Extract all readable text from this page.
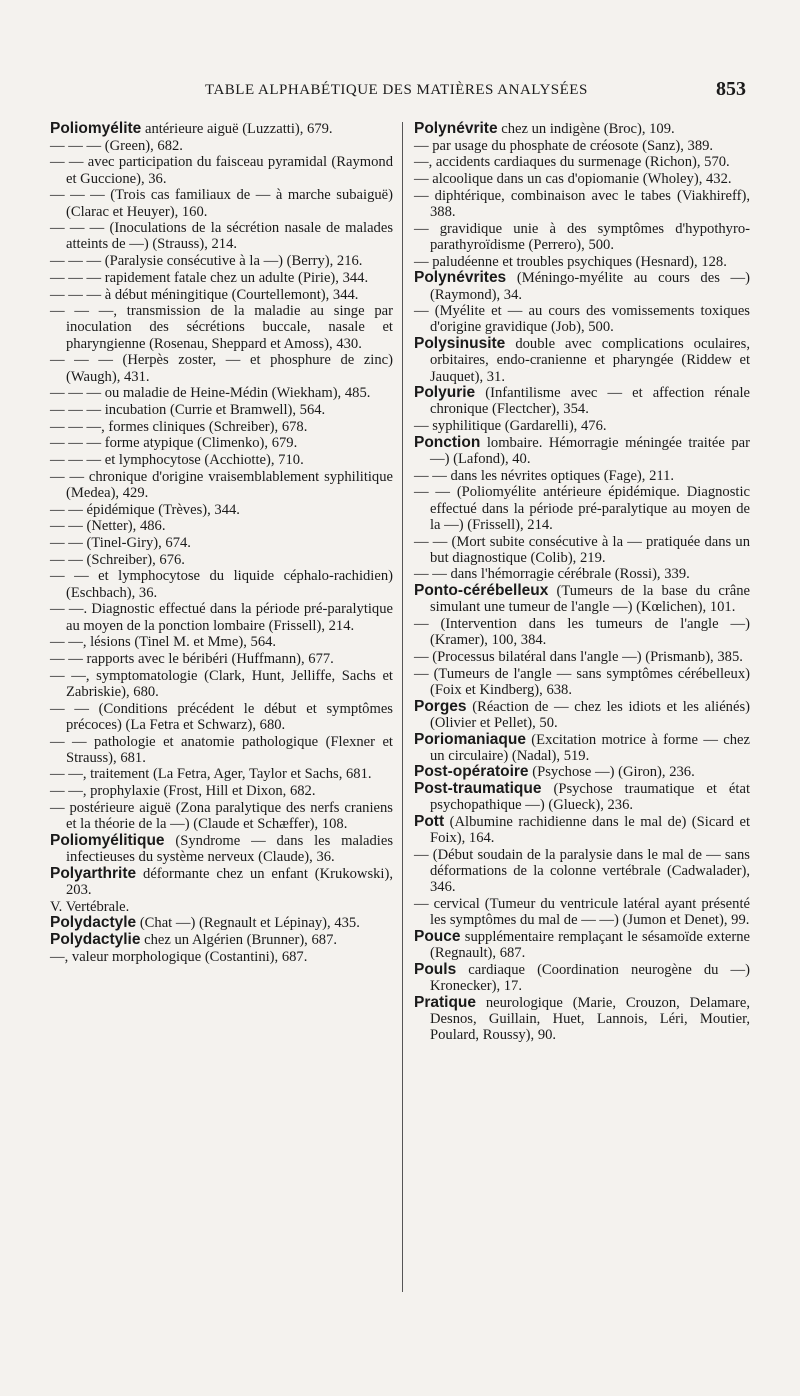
TABLE ALPHABÉTIQUE DES MATIÈRES ANALYSÉES	853

Poliomyélite antérieure aiguë (Luzzatti), 679.

— — — (Green), 682.

— — avec participation du faisceau pyramidal (Raymond et Guccione), 36.

— — — (Trois cas familiaux de — à marche subaiguë) (Clarac et Heuyer), 160.

— — — (Inoculations de la sécrétion nasale de malades atteints de —) (Strauss), 214.

— — — (Paralysie consécutive à la —) (Berry), 216.

— — — rapidement fatale chez un adulte (Pirie), 344.

— — — à début méningitique (Courtellemont), 344.

— — —, transmission de la maladie au singe par inoculation des sécrétions buccale, nasale et pharyngienne (Rosenau, Sheppard et Amoss), 430.

— — — (Herpès zoster, — et phosphure de zinc) (Waugh), 431.

— — — ou maladie de Heine-Médin (Wiekham), 485.

— — — incubation (Currie et Bramwell), 564.

— — —, formes cliniques (Schreiber), 678.

— — — forme atypique (Climenko), 679.

— — — et lymphocytose (Acchiotte), 710.

— — chronique d'origine vraisemblablement syphilitique (Medea), 429.

— — épidémique (Trèves), 344.

— — (Netter), 486.

— — (Tinel-Giry), 674.

— — (Schreiber), 676.

— — et lymphocytose du liquide céphalo-rachidien) (Eschbach), 36.

— —. Diagnostic effectué dans la période pré-paralytique au moyen de la ponction lombaire (Frissell), 214.

— —, lésions (Tinel M. et Mme), 564.

— — rapports avec le béribéri (Huffmann), 677.

— —, symptomatologie (Clark, Hunt, Jelliffe, Sachs et Zabriskie), 680.

— — (Conditions précédent le début et symptômes précoces) (La Fetra et Schwarz), 680.

— — pathologie et anatomie pathologique (Flexner et Strauss), 681.

— —, traitement (La Fetra, Ager, Taylor et Sachs, 681.

— —, prophylaxie (Frost, Hill et Dixon, 682.

— postérieure aiguë (Zona paralytique des nerfs craniens et la théorie de la —) (Claude et Schæffer), 108.

Poliomyélitique (Syndrome — dans les maladies infectieuses du système nerveux (Claude), 36.

Polyarthrite déformante chez un enfant (Krukowski), 203.

V. Vertébrale.

Polydactyle (Chat —) (Regnault et Lépinay), 435.

Polydactylie chez un Algérien (Brunner), 687.

—, valeur morphologique (Costantini), 687.

Polynévrite chez un indigène (Broc), 109.

— par usage du phosphate de créosote (Sanz), 389.

—, accidents cardiaques du surmenage (Richon), 570.

— alcoolique dans un cas d'opiomanie (Wholey), 432.

— diphtérique, combinaison avec le tabes (Viakhireff), 388.

— gravidique unie à des symptômes d'hypothyro-parathyroïdisme (Perrero), 500.

— paludéenne et troubles psychiques (Hesnard), 128.

Polynévrites (Méningo-myélite au cours des —) (Raymond), 34.

— (Myélite et — au cours des vomissements toxiques d'origine gravidique (Job), 500.

Polysinusite double avec complications oculaires, orbitaires, endo-cranienne et pharyngée (Riddew et Jauquet), 31.

Polyurie (Infantilisme avec — et affection rénale chronique (Flectcher), 354.

— syphilitique (Gardarelli), 476.

Ponction lombaire. Hémorragie méningée traitée par —) (Lafond), 40.

— — dans les névrites optiques (Fage), 211.

— — (Poliomyélite antérieure épidémique. Diagnostic effectué dans la période pré-paralytique au moyen de la —) (Frissell), 214.

— — (Mort subite consécutive à la — pratiquée dans un but diagnostique (Colib), 219.

— — dans l'hémorragie cérébrale (Rossi), 339.

Ponto-cérébelleux (Tumeurs de la base du crâne simulant une tumeur de l'angle —) (Kœlichen), 101.

— (Intervention dans les tumeurs de l'angle —) (Kramer), 100, 384.

— (Processus bilatéral dans l'angle —) (Prismanb), 385.

— (Tumeurs de l'angle — sans symptômes cérébelleux) (Foix et Kindberg), 638.

Porges (Réaction de — chez les idiots et les aliénés) (Olivier et Pellet), 50.

Poriomaniaque (Excitation motrice à forme — chez un circulaire) (Nadal), 519.

Post-opératoire (Psychose —) (Giron), 236.

Post-traumatique (Psychose traumatique et état psychopathique —) (Glueck), 236.

Pott (Albumine rachidienne dans le mal de) (Sicard et Foix), 164.

— (Début soudain de la paralysie dans le mal de — sans déformations de la colonne vertébrale (Cadwalader), 346.

— cervical (Tumeur du ventricule latéral ayant présenté les symptômes du mal de — —) (Jumon et Denet), 99.

Pouce supplémentaire remplaçant le sésamoïde externe (Regnault), 687.

Pouls cardiaque (Coordination neurogène du —) Kronecker), 17.

Pratique neurologique (Marie, Crouzon, Delamare, Desnos, Guillain, Huet, Lannois, Léri, Moutier, Poulard, Roussy), 90.
